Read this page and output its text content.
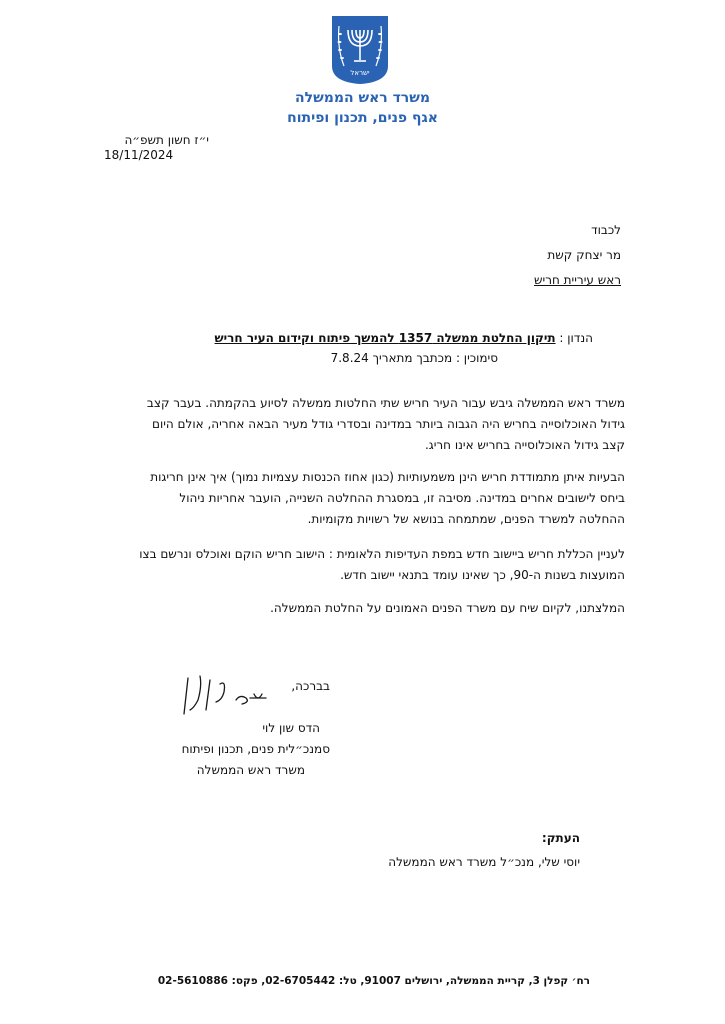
ישראל
משרד ראש הממשלה
אגף פנים, תכנון ופיתוח
י״ז חשון תשפ״ה
18/11/2024
לכבוד
מר יצחק קשת
ראש עיריית חריש
הנדון : תיקון החלטת ממשלה 1357 להמשך פיתוח וקידום העיר חריש
סימוכין : מכתבך מתאריך 7.8.24
משרד ראש הממשלה גיבש עבור העיר חריש שתי החלטות ממשלה לסיוע בהקמתה. בעבר קצב
גידול האוכלוסייה בחריש היה הגבוה ביותר במדינה ובסדרי גודל מעיר הבאה אחריה, אולם היום
קצב גידול האוכלוסייה בחריש אינו חריג.
הבעיות איתן מתמודדת חריש הינן משמעותיות (כגון אחוז הכנסות עצמיות נמוך) איך אינן חריגות
ביחס לישובים אחרים במדינה. מסיבה זו, במסגרת ההחלטה השנייה, הועבר אחריות ניהול
ההחלטה למשרד הפנים, שמתמחה בנושא של רשויות מקומיות.
לעניין הכללת חריש ביישוב חדש במפת העדיפות הלאומית : הישוב חריש הוקם ואוכלס ונרשם בצו
המועצות בשנות ה-90, כך שאינו עומד בתנאי יישוב חדש.
המלצתנו, לקיום שיח עם משרד הפנים האמונים על החלטת הממשלה.
בברכה,
הדס שון לוי
סמנכ״לית פנים, תכנון ופיתוח
משרד ראש הממשלה
העתק:
יוסי שלי, מנכ״ל משרד ראש הממשלה
רח׳ קפלן 3, קריית הממשלה, ירושלים 91007, טל: 02-6705442, פקס: 02-5610886
